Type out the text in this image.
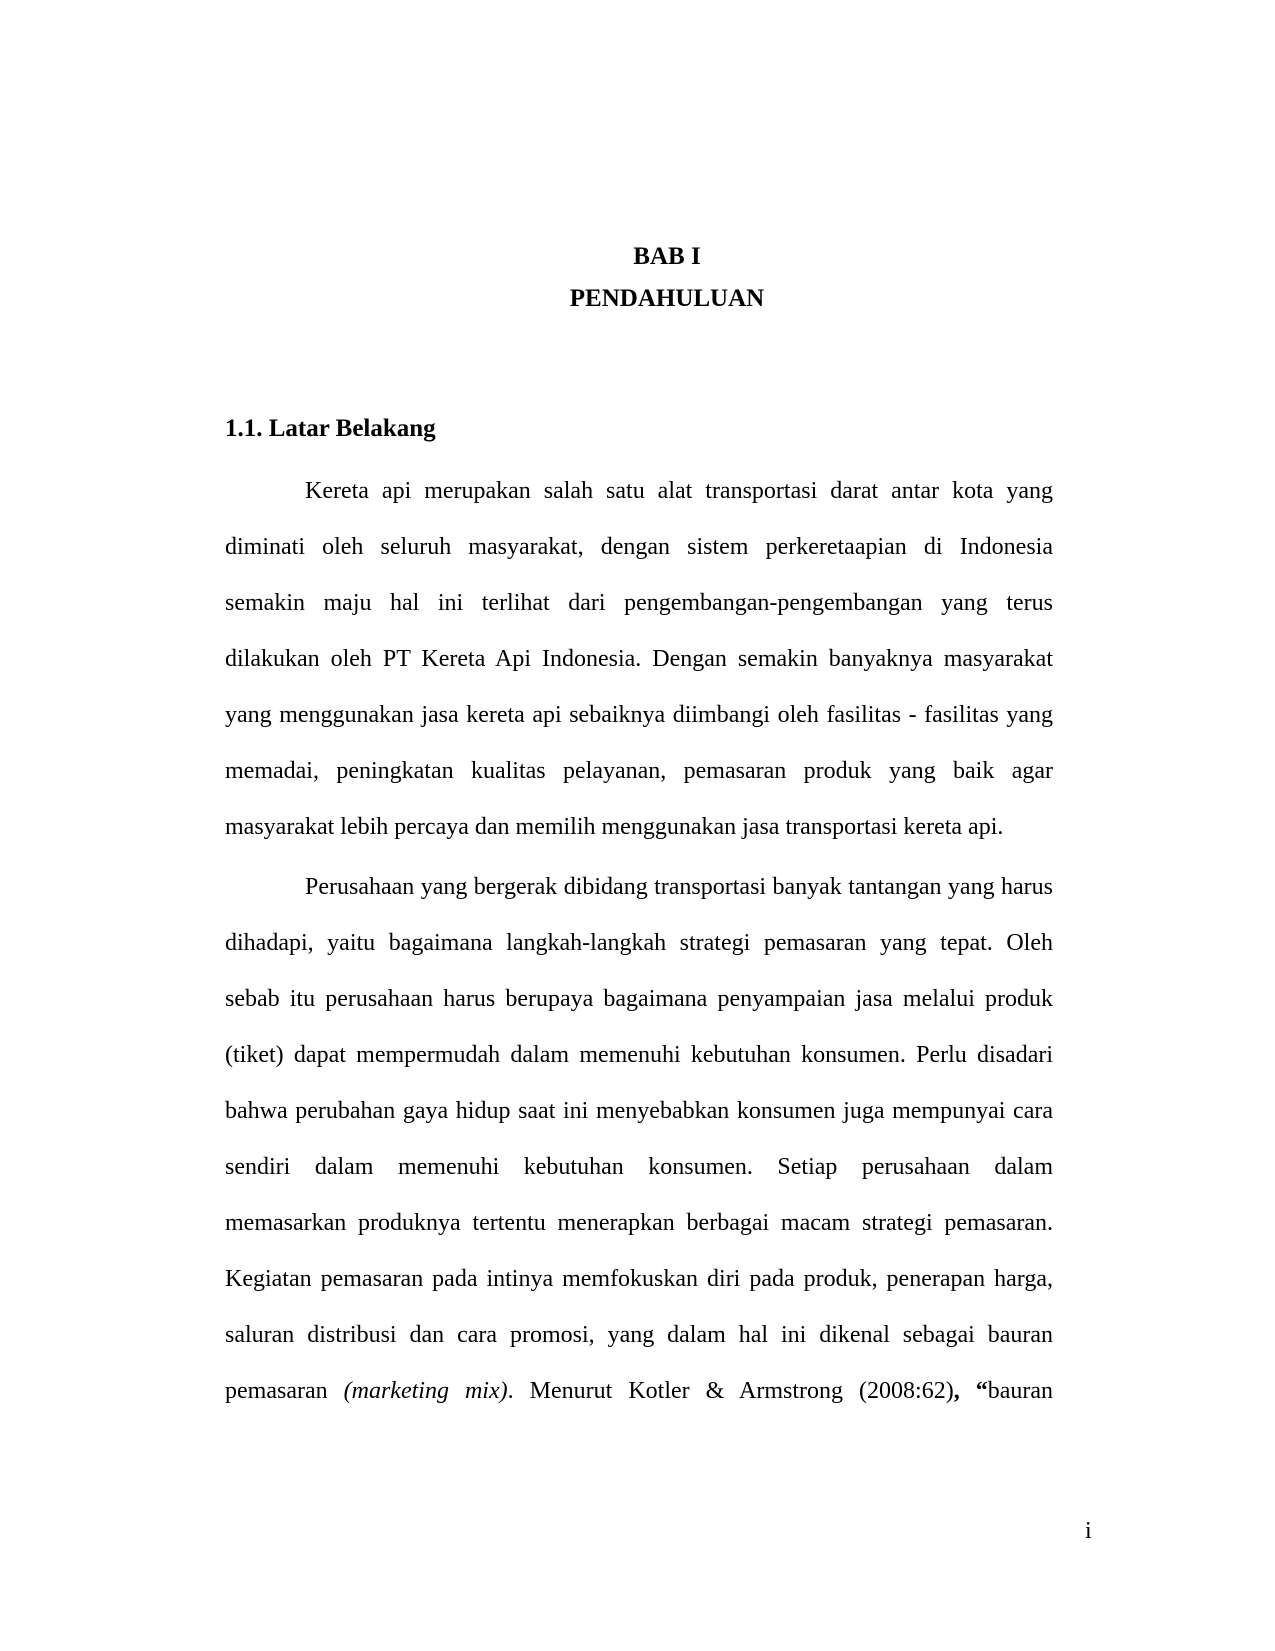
BAB I
PENDAHULUAN
1.1. Latar Belakang
Kereta api merupakan salah satu alat transportasi darat antar kota yang
diminati oleh seluruh masyarakat, dengan sistem perkeretaapian di Indonesia
semakin maju hal ini terlihat dari pengembangan-pengembangan yang terus
dilakukan oleh PT Kereta Api Indonesia. Dengan semakin banyaknya masyarakat
yang menggunakan jasa kereta api sebaiknya diimbangi oleh fasilitas - fasilitas yang
memadai, peningkatan kualitas pelayanan, pemasaran produk yang baik agar
masyarakat lebih percaya dan memilih menggunakan jasa transportasi kereta api.
Perusahaan yang bergerak dibidang transportasi banyak tantangan yang harus
dihadapi, yaitu bagaimana langkah-langkah strategi pemasaran yang tepat. Oleh
sebab itu perusahaan harus berupaya bagaimana penyampaian jasa melalui produk
(tiket) dapat mempermudah dalam memenuhi kebutuhan konsumen. Perlu disadari
bahwa perubahan gaya hidup saat ini menyebabkan konsumen juga mempunyai cara
sendiri dalam memenuhi kebutuhan konsumen. Setiap perusahaan dalam
memasarkan produknya tertentu menerapkan berbagai macam strategi pemasaran.
Kegiatan pemasaran pada intinya memfokuskan diri pada produk, penerapan harga,
saluran distribusi dan cara promosi, yang dalam hal ini dikenal sebagai bauran
pemasaran (marketing mix). Menurut Kotler & Armstrong (2008:62), “bauran
i
